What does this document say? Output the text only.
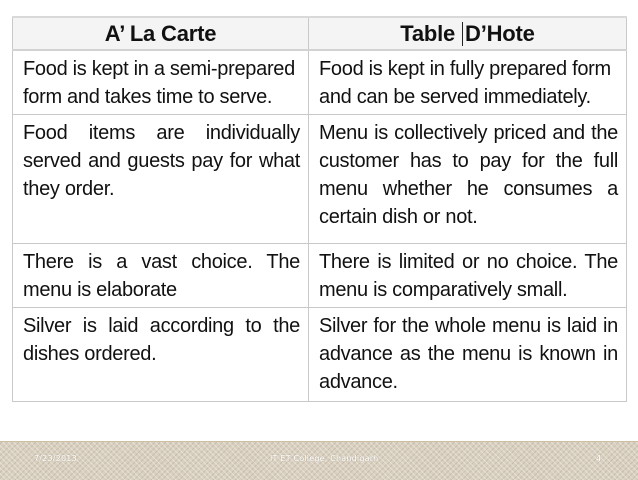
A’ La Carte	Table D’Hote

Food is kept in a semi-prepared form and takes time to serve.	Food is kept in fully prepared form and can be served immediately.

Food items are individually served and guests pay for what they order.	Menu is collectively priced and the customer has to pay for the full menu whether he consumes a certain dish or not.

There is a vast choice. The menu is elaborate	There is limited or no choice. The menu is comparatively small.

Silver is laid according to the dishes ordered.	Silver for the whole menu is laid in advance as the menu is known in advance.
7/23/2013	IT ET College, Chandigarh	4
